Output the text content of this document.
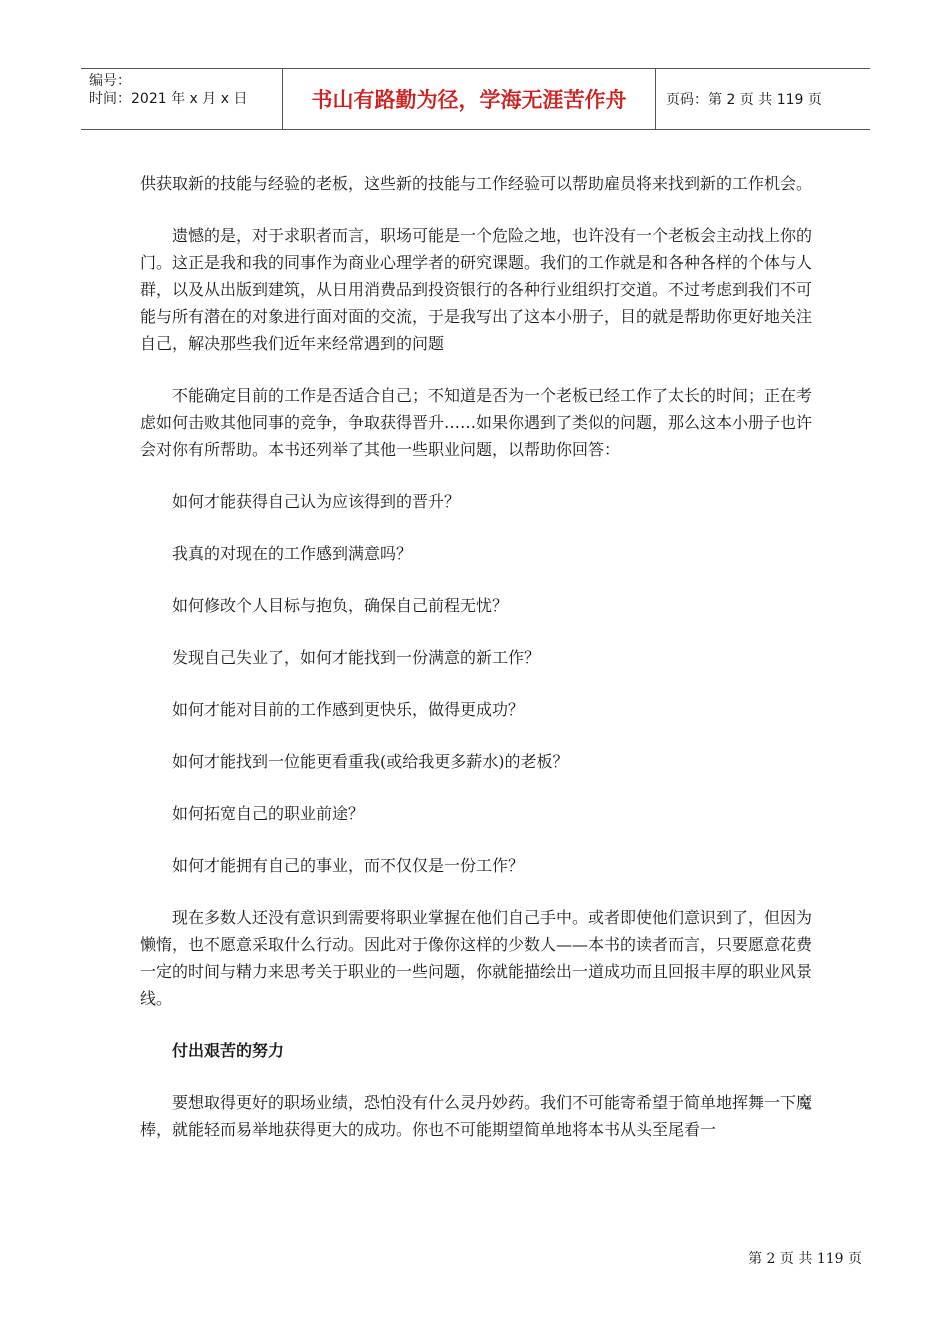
编号：
时间：2021 年 x 月 x 日	书山有路勤为径，学海无涯苦作舟	页码：第 2 页 共 119 页

供获取新的技能与经验的老板，这些新的技能与工作经验可以帮助雇员将来找到新的工作机会。

遗憾的是，对于求职者而言，职场可能是一个危险之地，也许没有一个老板会主动找上你的门。这正是我和我的同事作为商业心理学者的研究课题。我们的工作就是和各种各样的个体与人群，以及从出版到建筑，从日用消费品到投资银行的各种行业组织打交道。不过考虑到我们不可能与所有潜在的对象进行面对面的交流，于是我写出了这本小册子，目的就是帮助你更好地关注自己，解决那些我们近年来经常遇到的问题

不能确定目前的工作是否适合自己；不知道是否为一个老板已经工作了太长的时间；正在考虑如何击败其他同事的竞争，争取获得晋升……如果你遇到了类似的问题，那么这本小册子也许会对你有所帮助。本书还列举了其他一些职业问题，以帮助你回答：

如何才能获得自己认为应该得到的晋升？

我真的对现在的工作感到满意吗？

如何修改个人目标与抱负，确保自己前程无忧？

发现自己失业了，如何才能找到一份满意的新工作？

如何才能对目前的工作感到更快乐，做得更成功？

如何才能找到一位能更看重我(或给我更多薪水)的老板？

如何拓宽自己的职业前途？

如何才能拥有自己的事业，而不仅仅是一份工作？

现在多数人还没有意识到需要将职业掌握在他们自己手中。或者即使他们意识到了，但因为懒惰，也不愿意采取什么行动。因此对于像你这样的少数人——本书的读者而言，只要愿意花费一定的时间与精力来思考关于职业的一些问题，你就能描绘出一道成功而且回报丰厚的职业风景线。

付出艰苦的努力

要想取得更好的职场业绩，恐怕没有什么灵丹妙药。我们不可能寄希望于简单地挥舞一下魔棒，就能轻而易举地获得更大的成功。你也不可能期望简单地将本书从头至尾看一

第 2 页 共 119 页
